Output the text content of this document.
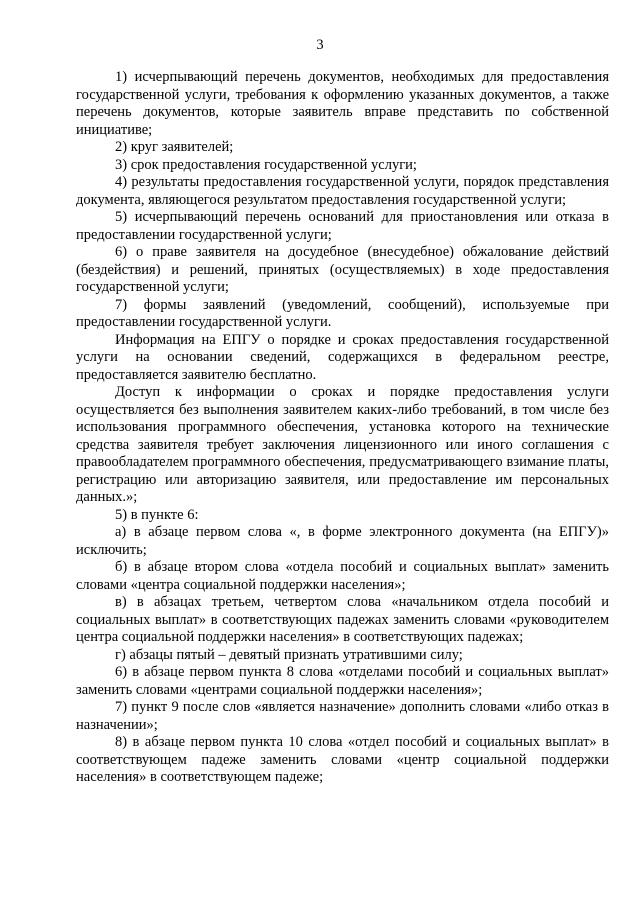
3

1) исчерпывающий перечень документов, необходимых для предоставления государственной услуги, требования к оформлению указанных документов, а также перечень документов, которые заявитель вправе представить по собственной инициативе;

2) круг заявителей;

3) срок предоставления государственной услуги;

4) результаты предоставления государственной услуги, порядок представления документа, являющегося результатом предоставления государственной услуги;

5) исчерпывающий перечень оснований для приостановления или отказа в предоставлении государственной услуги;

6) о праве заявителя на досудебное (внесудебное) обжалование действий (бездействия) и решений, принятых (осуществляемых) в ходе предоставления государственной услуги;

7) формы заявлений (уведомлений, сообщений), используемые при предоставлении государственной услуги.

Информация на ЕПГУ о порядке и сроках предоставления государственной услуги на основании сведений, содержащихся в федеральном реестре, предоставляется заявителю бесплатно.

Доступ к информации о сроках и порядке предоставления услуги осуществляется без выполнения заявителем каких-либо требований, в том числе без использования программного обеспечения, установка которого на технические средства заявителя требует заключения лицензионного или иного соглашения с правообладателем программного обеспечения, предусматривающего взимание платы, регистрацию или авторизацию заявителя, или предоставление им персональных данных.»;

5) в пункте 6:

а) в абзаце первом слова «, в форме электронного документа (на ЕПГУ)» исключить;

б) в абзаце втором слова «отдела пособий и социальных выплат» заменить словами «центра социальной поддержки населения»;

в) в абзацах третьем, четвертом слова «начальником отдела пособий и социальных выплат» в соответствующих падежах заменить словами «руководителем центра социальной поддержки населения» в соответствующих падежах;

г) абзацы пятый – девятый признать утратившими силу;

6) в абзаце первом пункта 8 слова «отделами пособий и социальных выплат» заменить словами «центрами социальной поддержки населения»;

7) пункт 9 после слов «является назначение» дополнить словами «либо отказ в назначении»;

8) в абзаце первом пункта 10 слова «отдел пособий и социальных выплат» в соответствующем падеже заменить словами «центр социальной поддержки населения» в соответствующем падеже;
